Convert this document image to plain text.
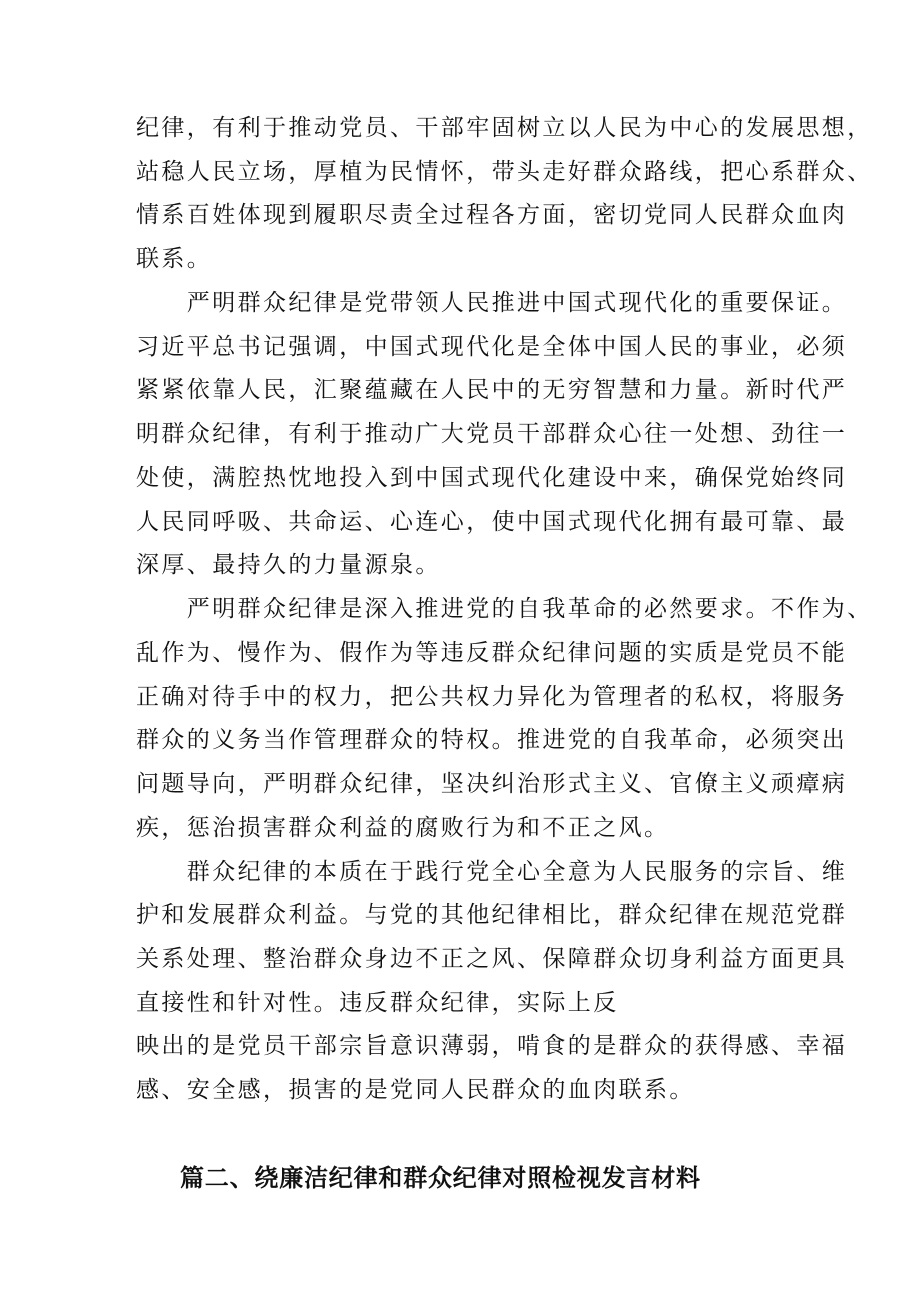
纪律，有利于推动党员、干部牢固树立以人民为中心的发展思想，

站稳人民立场，厚植为民情怀，带头走好群众路线，把心系群众、

情系百姓体现到履职尽责全过程各方面，密切党同人民群众血肉

联系。

　　严明群众纪律是党带领人民推进中国式现代化的重要保证。

习近平总书记强调，中国式现代化是全体中国人民的事业，必须

紧紧依靠人民，汇聚蕴藏在人民中的无穷智慧和力量。新时代严

明群众纪律，有利于推动广大党员干部群众心往一处想、劲往一

处使，满腔热忱地投入到中国式现代化建设中来，确保党始终同

人民同呼吸、共命运、心连心，使中国式现代化拥有最可靠、最

深厚、最持久的力量源泉。

　　严明群众纪律是深入推进党的自我革命的必然要求。不作为、

乱作为、慢作为、假作为等违反群众纪律问题的实质是党员不能

正确对待手中的权力，把公共权力异化为管理者的私权，将服务

群众的义务当作管理群众的特权。推进党的自我革命，必须突出

问题导向，严明群众纪律，坚决纠治形式主义、官僚主义顽瘴病

疾，惩治损害群众利益的腐败行为和不正之风。

　　群众纪律的本质在于践行党全心全意为人民服务的宗旨、维

护和发展群众利益。与党的其他纪律相比，群众纪律在规范党群

关系处理、整治群众身边不正之风、保障群众切身利益方面更具

直接性和针对性。违反群众纪律，实际上反

映出的是党员干部宗旨意识薄弱，啃食的是群众的获得感、幸福

感、安全感，损害的是党同人民群众的血肉联系。

篇二、绕廉洁纪律和群众纪律对照检视发言材料
